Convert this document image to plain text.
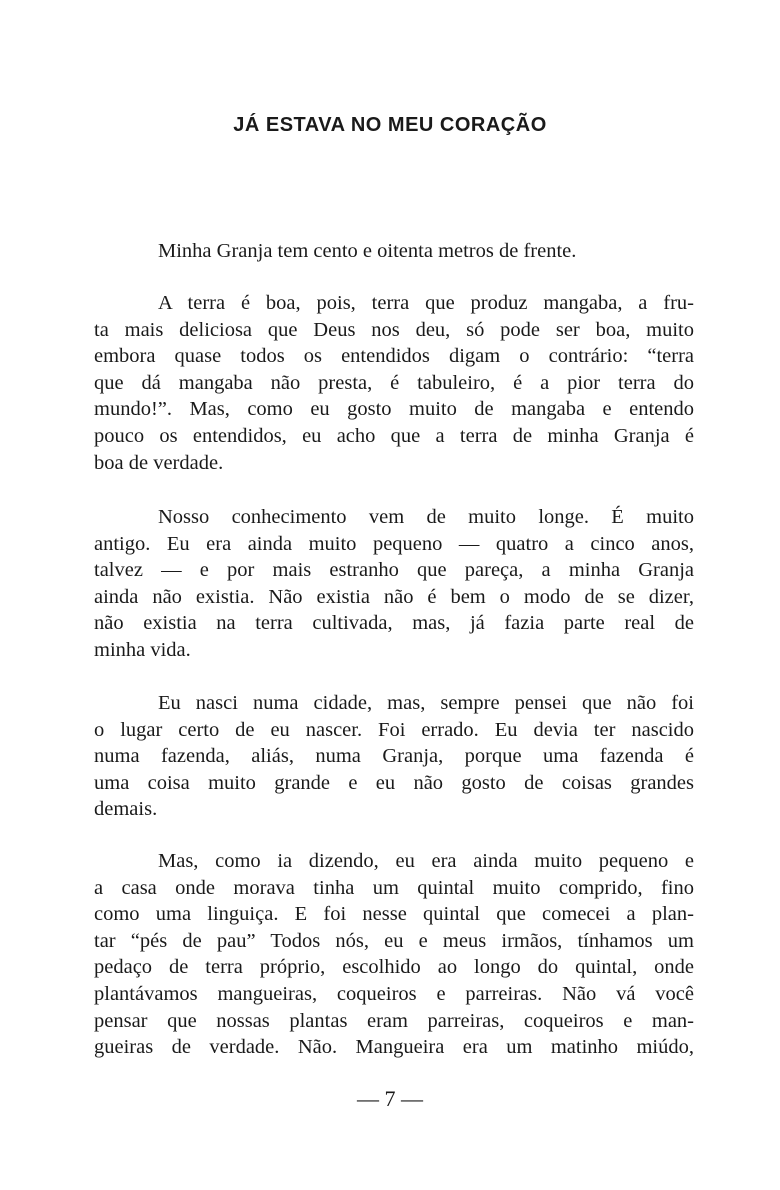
JÁ ESTAVA NO MEU CORAÇÃO
Minha Granja tem cento e oitenta metros de frente.
A terra é boa, pois, terra que produz mangaba, a fru-
ta mais deliciosa que Deus nos deu, só pode ser boa, muito
embora quase todos os entendidos digam o contrário: “terra
que dá mangaba não presta, é tabuleiro, é a pior terra do
mundo!”. Mas, como eu gosto muito de mangaba e entendo
pouco os entendidos, eu acho que a terra de minha Granja é
boa de verdade.
Nosso conhecimento vem de muito longe. É muito
antigo. Eu era ainda muito pequeno — quatro a cinco anos,
talvez — e por mais estranho que pareça, a minha Granja
ainda não existia. Não existia não é bem o modo de se dizer,
não existia na terra cultivada, mas, já fazia parte real de
minha vida.
Eu nasci numa cidade, mas, sempre pensei que não foi
o lugar certo de eu nascer. Foi errado. Eu devia ter nascido
numa fazenda, aliás, numa Granja, porque uma fazenda é
uma coisa muito grande e eu não gosto de coisas grandes
demais.
Mas, como ia dizendo, eu era ainda muito pequeno e
a casa onde morava tinha um quintal muito comprido, fino
como uma linguiça. E foi nesse quintal que comecei a plan-
tar “pés de pau” Todos nós, eu e meus irmãos, tínhamos um
pedaço de terra próprio, escolhido ao longo do quintal, onde
plantávamos mangueiras, coqueiros e parreiras. Não vá você
pensar que nossas plantas eram parreiras, coqueiros e man-
gueiras de verdade. Não. Mangueira era um matinho miúdo,
— 7 —
